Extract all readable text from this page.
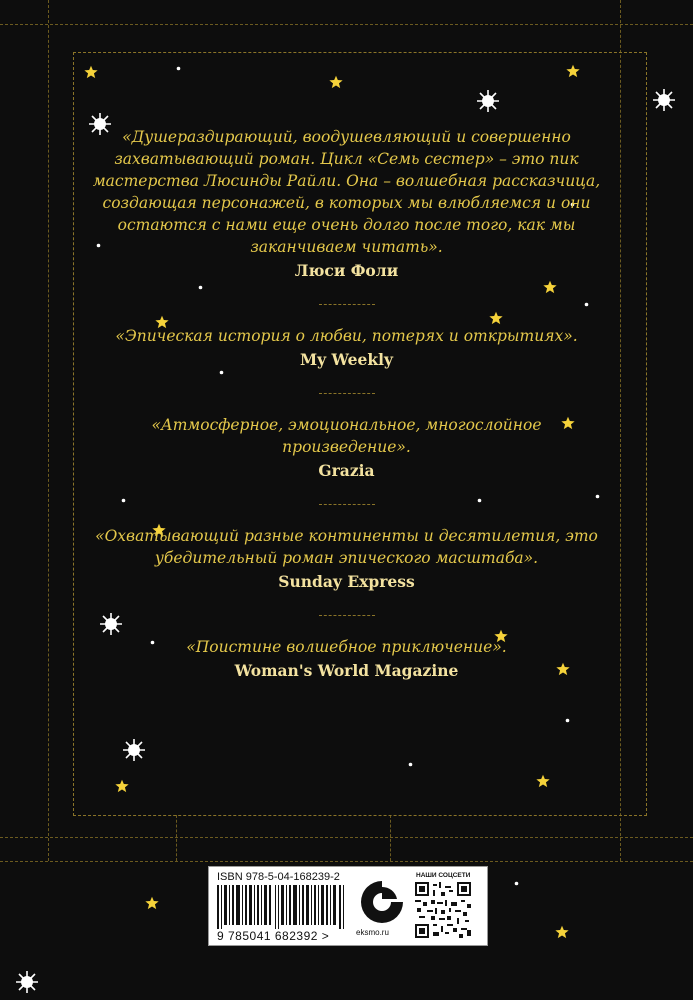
«Душераздирающий, воодушевляющий и совершенно захватывающий роман. Цикл «Семь сестер» – это пик мастерства Люсинды Райли. Она – волшебная рассказчица, создающая персонажей, в которых мы влюбляемся и они остаются с нами еще очень долго после того, как мы заканчиваем читать».

Люси Фоли

«Эпическая история о любви, потерях и открытиях».

My Weekly

«Атмосферное, эмоциональное, многослойное произведение».

Grazia

«Охватывающий разные континенты и десятилетия, это убедительный роман эпического масштаба».

Sunday Express

«Поистине волшебное приключение».

Woman's World Magazine

ISBN 978-5-04-168239-2
9 785041 682392 >	eksmo.ru
НАШИ СОЦСЕТИ
